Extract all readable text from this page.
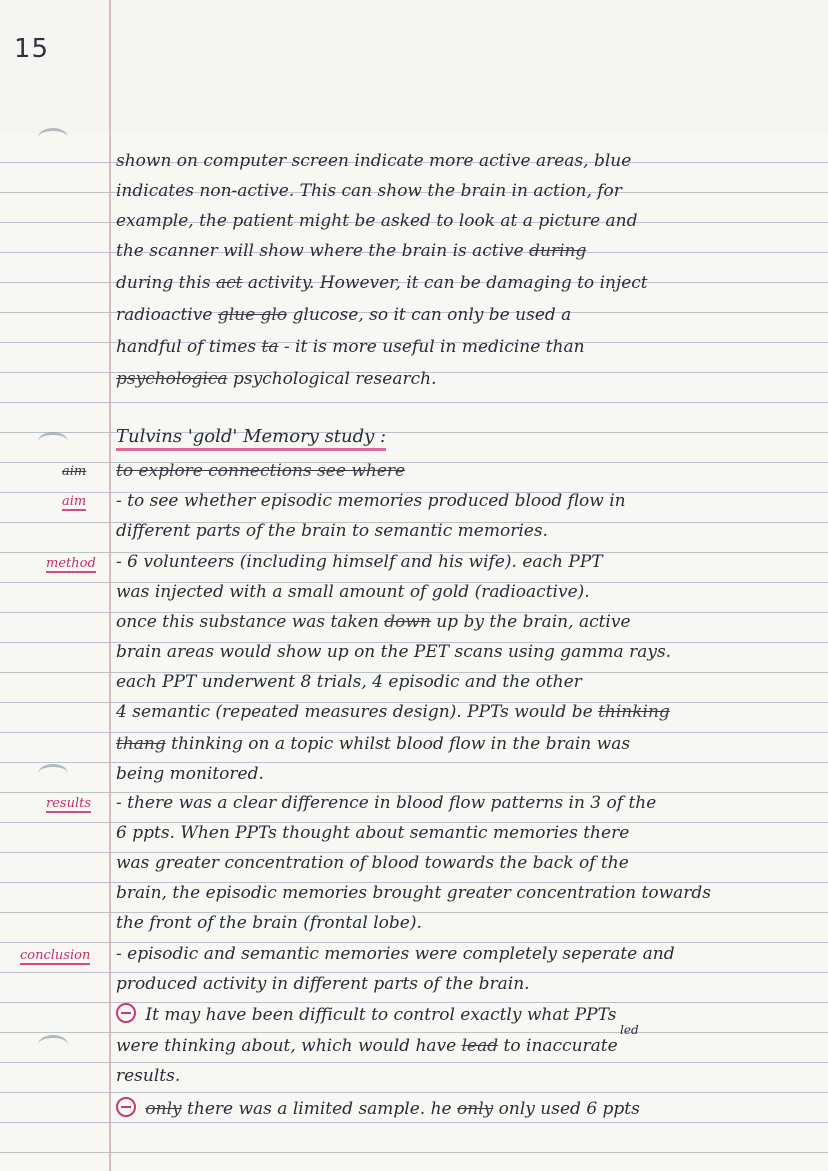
15
shown on computer screen indicate more active areas, blue
indicates non-active. This can show the brain in action, for
example, the patient might be asked to look at a picture and
the scanner will show where the brain is active during
during this act activity. However, it can be damaging to inject
radioactive glue glo glucose, so it can only be used a
handful of times ta - it is more useful in medicine than
psychologica psychological research.
Tulvins 'gold' Memory study :
aim to explore connections see where
aim - to see whether episodic memories produced blood flow in
different parts of the brain to semantic memories.
method - 6 volunteers (including himself and his wife). each PPT
was injected with a small amount of gold (radioactive).
once this substance was taken down up by the brain, active
brain areas would show up on the PET scans using gamma rays.
each PPT underwent 8 trials, 4 episodic and the other
4 semantic (repeated measures design). PPTs would be thinking
thang thinking on a topic whilst blood flow in the brain was
being monitored.
results - there was a clear difference in blood flow patterns in 3 of the
6 ppts. When PPTs thought about semantic memories there
was greater concentration of blood towards the back of the
brain, the episodic memories brought greater concentration towards
the front of the brain (frontal lobe).
conclusion - episodic and semantic memories were completely seperate and
produced activity in different parts of the brain.
It may have been difficult to control exactly what PPTs
led
were thinking about, which would have lead to inaccurate
results.
only there was a limited sample. he only only used 6 ppts
